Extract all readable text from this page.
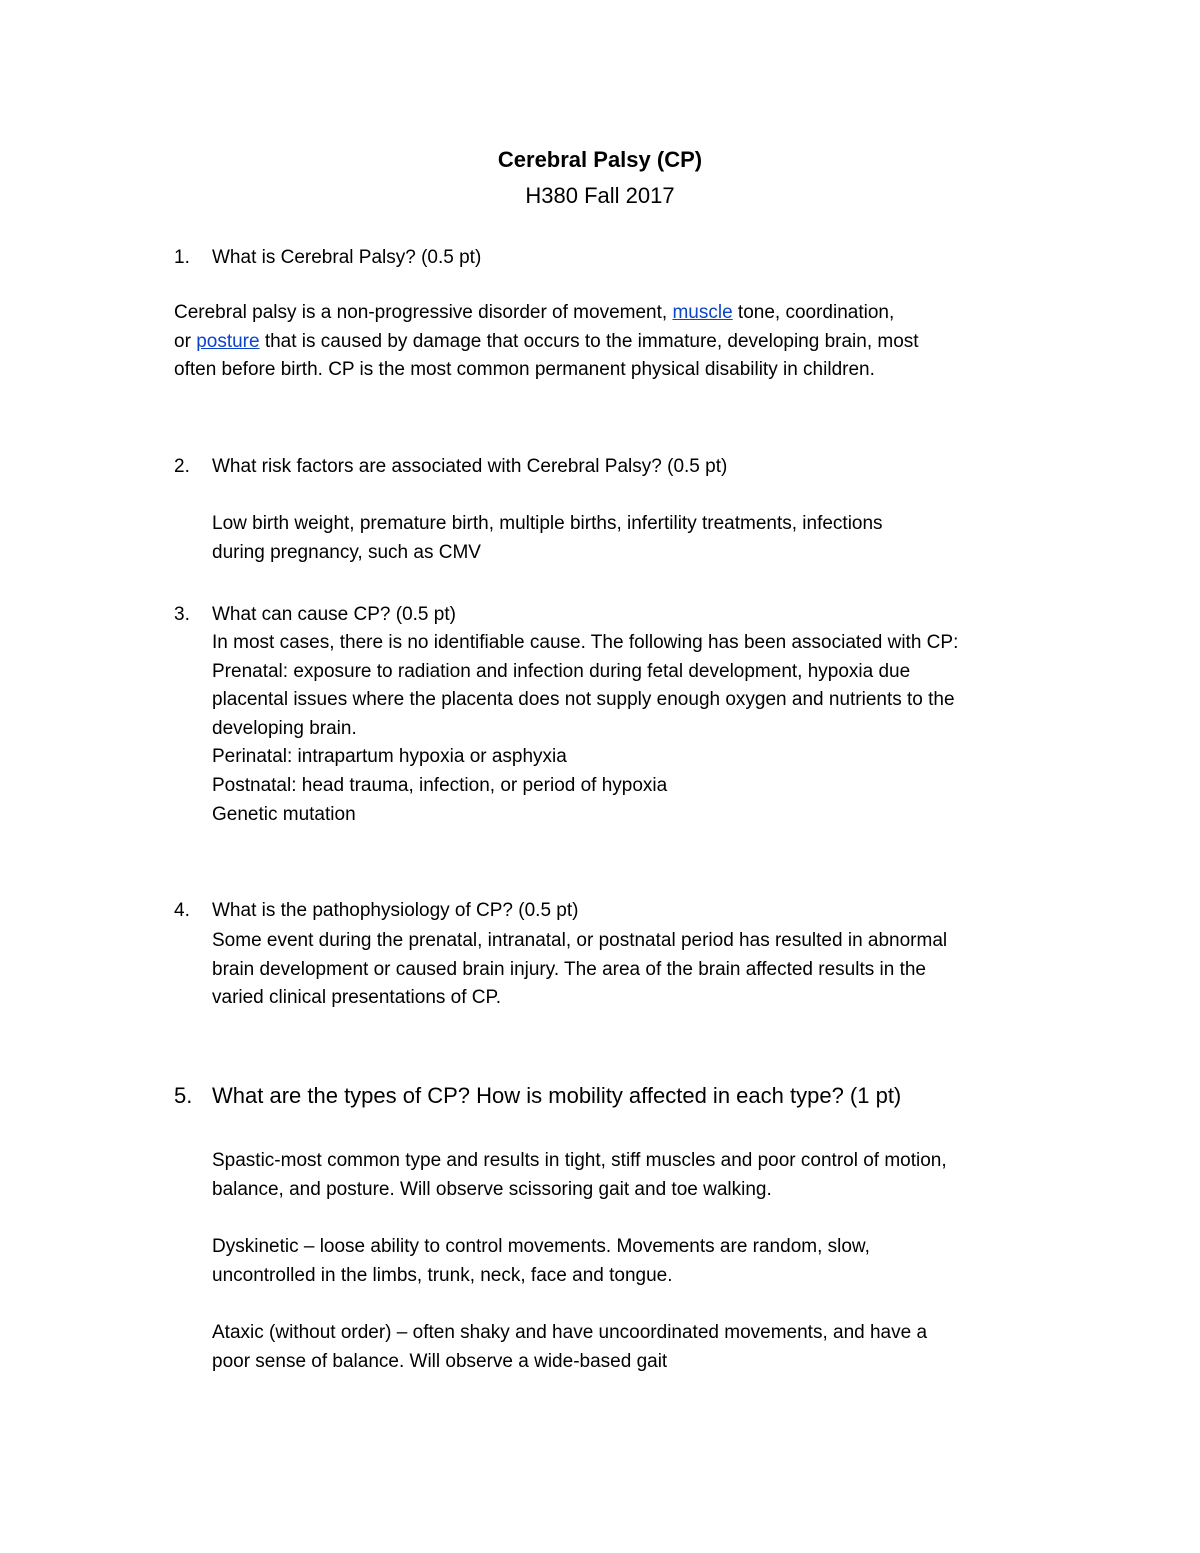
Cerebral Palsy (CP)
H380 Fall 2017
1.	What is Cerebral Palsy? (0.5 pt)
Cerebral palsy is a non-progressive disorder of movement, muscle tone, coordination,
or posture that is caused by damage that occurs to the immature, developing brain, most
often before birth. CP is the most common permanent physical disability in children.
2.	What risk factors are associated with Cerebral Palsy? (0.5 pt)
Low birth weight, premature birth, multiple births, infertility treatments, infections
during pregnancy, such as CMV
3.	What can cause CP? (0.5 pt)
In most cases, there is no identifiable cause. The following has been associated with CP:
Prenatal: exposure to radiation and infection during fetal development, hypoxia due
placental issues where the placenta does not supply enough oxygen and nutrients to the
developing brain.
Perinatal: intrapartum hypoxia or asphyxia
Postnatal: head trauma, infection, or period of hypoxia
Genetic mutation
4.	What is the pathophysiology of CP? (0.5 pt)
Some event during the prenatal, intranatal, or postnatal period has resulted in abnormal
brain development or caused brain injury. The area of the brain affected results in the
varied clinical presentations of CP.
5. What are the types of CP? How is mobility affected in each type? (1 pt)
Spastic-most common type and results in tight, stiff muscles and poor control of motion,
balance, and posture. Will observe scissoring gait and toe walking.
Dyskinetic – loose ability to control movements. Movements are random, slow,
uncontrolled in the limbs, trunk, neck, face and tongue.
Ataxic (without order) – often shaky and have uncoordinated movements, and have a
poor sense of balance. Will observe a wide-based gait
